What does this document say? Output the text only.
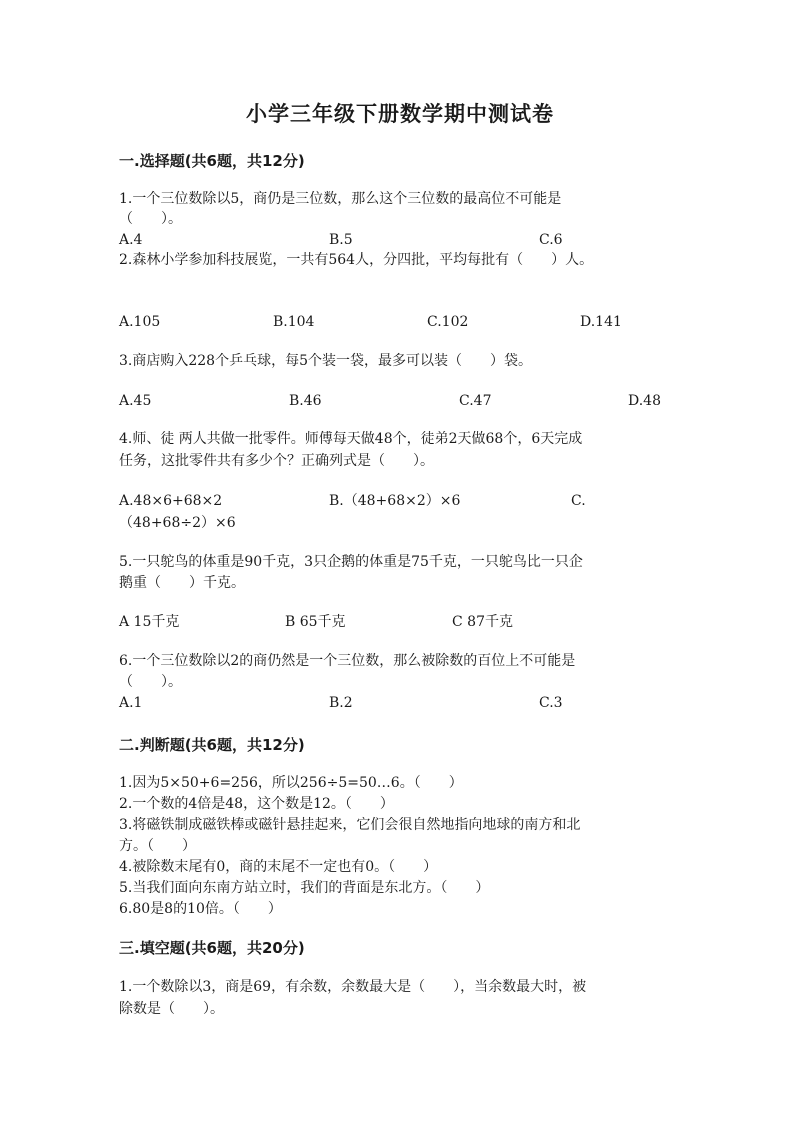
小学三年级下册数学期中测试卷
一.选择题(共6题，共12分)
1.一个三位数除以5，商仍是三位数，那么这个三位数的最高位不可能是
（　　）。
A.4	B.5	C.6
2.森林小学参加科技展览，一共有564人，分四批，平均每批有（　　）人。
A.105	B.104	C.102	D.141
3.商店购入228个乒乓球，每5个装一袋，最多可以装（　　）袋。
A.45	B.46	C.47	D.48
4.师、徒 两人共做一批零件。师傅每天做48个，徒弟2天做68个，6天完成
任务，这批零件共有多少个？正确列式是（　　）。
A.48×6+68×2	B.（48+68×2）×6	C.
（48+68÷2）×6
5.一只鸵鸟的体重是90千克，3只企鹅的体重是75千克，一只鸵鸟比一只企
鹅重（　　）千克。
A 15千克	B 65千克	C 87千克
6.一个三位数除以2的商仍然是一个三位数，那么被除数的百位上不可能是
（　　）。
A.1	B.2	C.3
二.判断题(共6题，共12分)
1.因为5×50+6=256，所以256÷5=50…6。（　　）
2.一个数的4倍是48，这个数是12。（　　）
3.将磁铁制成磁铁棒或磁针悬挂起来，它们会很自然地指向地球的南方和北
方。（　　）
4.被除数末尾有0，商的末尾不一定也有0。（　　）
5.当我们面向东南方站立时，我们的背面是东北方。（　　）
6.80是8的10倍。（　　）
三.填空题(共6题，共20分)
1.一个数除以3，商是69，有余数，余数最大是（　　），当余数最大时，被
除数是（　　）。
